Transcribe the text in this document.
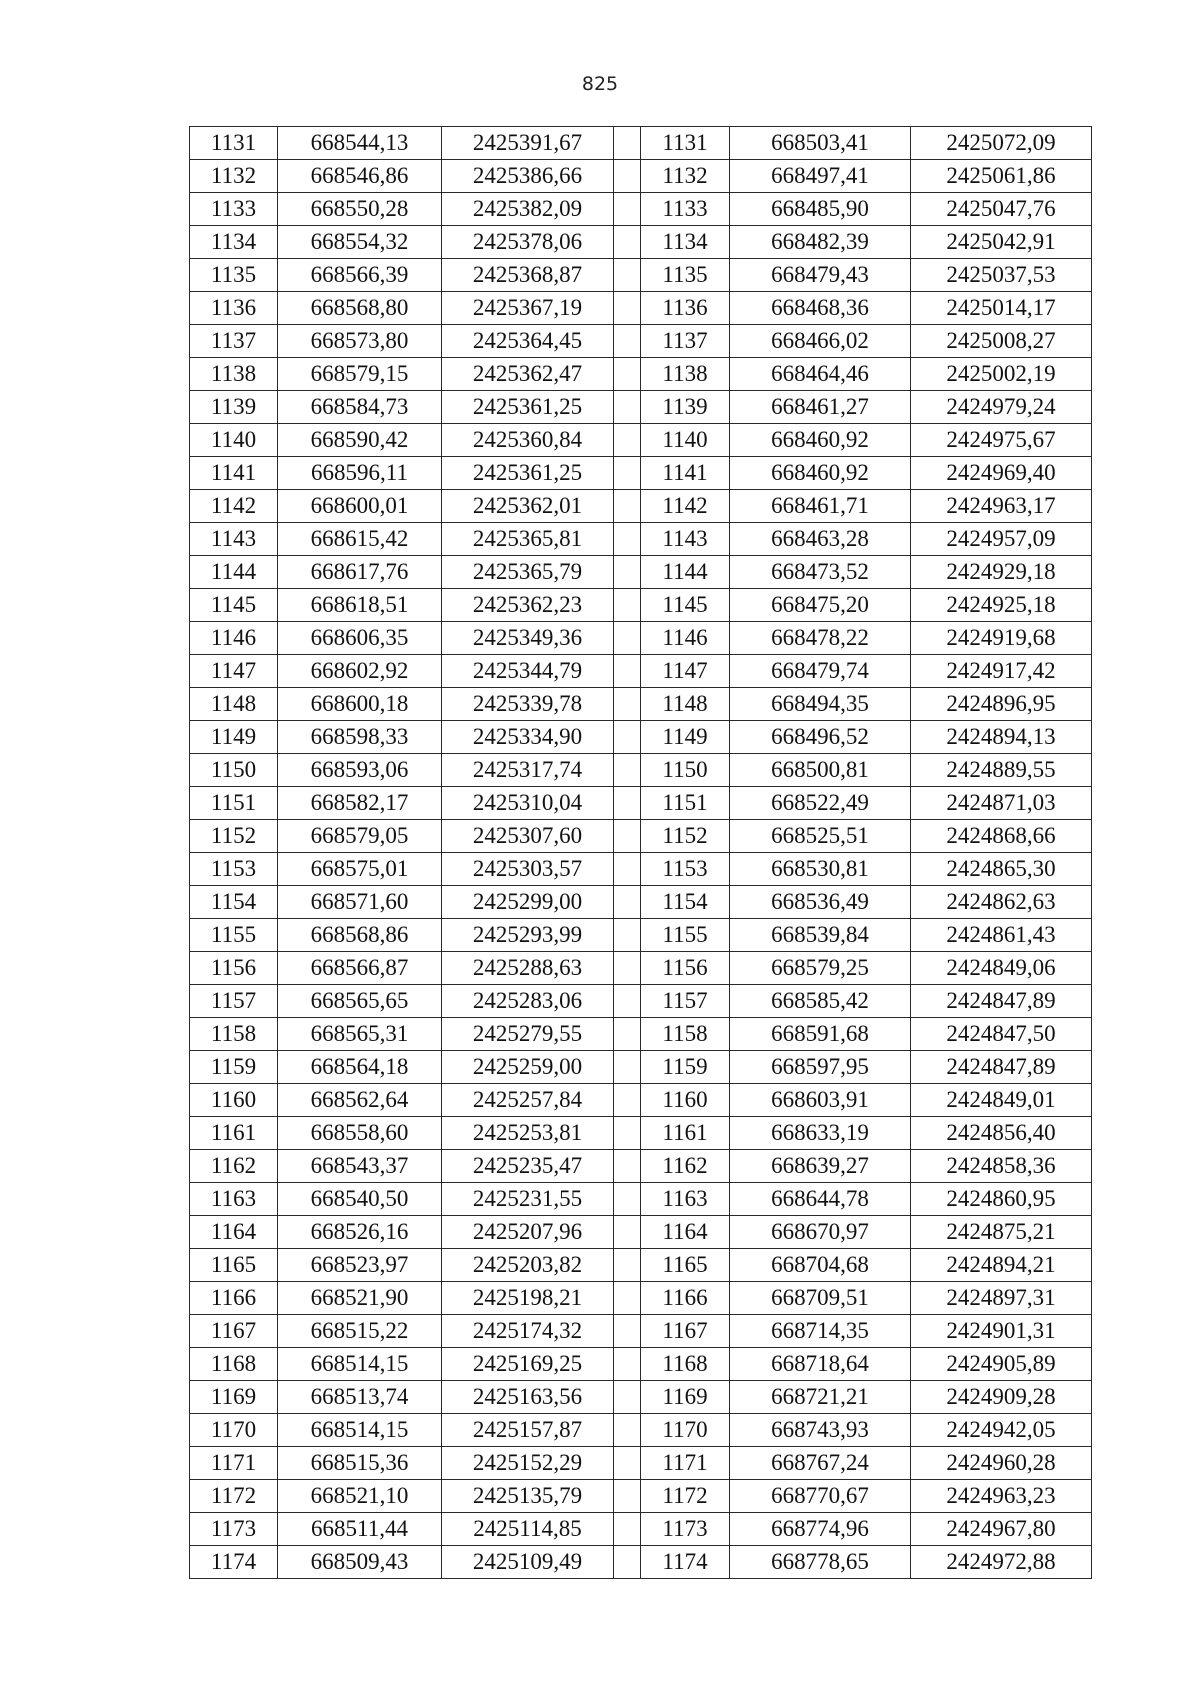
825
1131	668544,13	2425391,67		1131	668503,41	2425072,09
1132	668546,86	2425386,66		1132	668497,41	2425061,86
1133	668550,28	2425382,09		1133	668485,90	2425047,76
1134	668554,32	2425378,06		1134	668482,39	2425042,91
1135	668566,39	2425368,87		1135	668479,43	2425037,53
1136	668568,80	2425367,19		1136	668468,36	2425014,17
1137	668573,80	2425364,45		1137	668466,02	2425008,27
1138	668579,15	2425362,47		1138	668464,46	2425002,19
1139	668584,73	2425361,25		1139	668461,27	2424979,24
1140	668590,42	2425360,84		1140	668460,92	2424975,67
1141	668596,11	2425361,25		1141	668460,92	2424969,40
1142	668600,01	2425362,01		1142	668461,71	2424963,17
1143	668615,42	2425365,81		1143	668463,28	2424957,09
1144	668617,76	2425365,79		1144	668473,52	2424929,18
1145	668618,51	2425362,23		1145	668475,20	2424925,18
1146	668606,35	2425349,36		1146	668478,22	2424919,68
1147	668602,92	2425344,79		1147	668479,74	2424917,42
1148	668600,18	2425339,78		1148	668494,35	2424896,95
1149	668598,33	2425334,90		1149	668496,52	2424894,13
1150	668593,06	2425317,74		1150	668500,81	2424889,55
1151	668582,17	2425310,04		1151	668522,49	2424871,03
1152	668579,05	2425307,60		1152	668525,51	2424868,66
1153	668575,01	2425303,57		1153	668530,81	2424865,30
1154	668571,60	2425299,00		1154	668536,49	2424862,63
1155	668568,86	2425293,99		1155	668539,84	2424861,43
1156	668566,87	2425288,63		1156	668579,25	2424849,06
1157	668565,65	2425283,06		1157	668585,42	2424847,89
1158	668565,31	2425279,55		1158	668591,68	2424847,50
1159	668564,18	2425259,00		1159	668597,95	2424847,89
1160	668562,64	2425257,84		1160	668603,91	2424849,01
1161	668558,60	2425253,81		1161	668633,19	2424856,40
1162	668543,37	2425235,47		1162	668639,27	2424858,36
1163	668540,50	2425231,55		1163	668644,78	2424860,95
1164	668526,16	2425207,96		1164	668670,97	2424875,21
1165	668523,97	2425203,82		1165	668704,68	2424894,21
1166	668521,90	2425198,21		1166	668709,51	2424897,31
1167	668515,22	2425174,32		1167	668714,35	2424901,31
1168	668514,15	2425169,25		1168	668718,64	2424905,89
1169	668513,74	2425163,56		1169	668721,21	2424909,28
1170	668514,15	2425157,87		1170	668743,93	2424942,05
1171	668515,36	2425152,29		1171	668767,24	2424960,28
1172	668521,10	2425135,79		1172	668770,67	2424963,23
1173	668511,44	2425114,85		1173	668774,96	2424967,80
1174	668509,43	2425109,49		1174	668778,65	2424972,88
